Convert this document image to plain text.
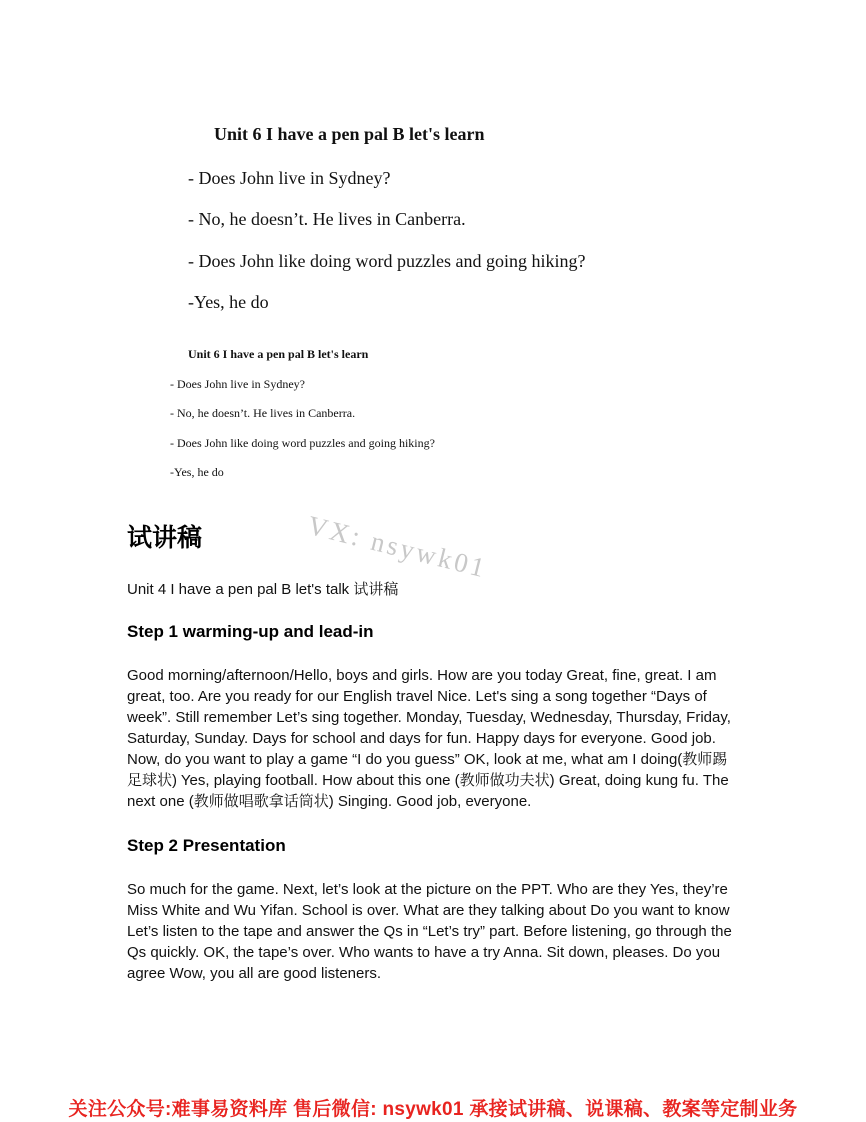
Unit 6 I have a pen pal B let's learn
- Does John live in Sydney?
- No, he doesn’t. He lives in Canberra.
- Does John like doing word puzzles and going hiking?
-Yes, he do
Unit 6 I have a pen pal B let's learn
- Does John live in Sydney?
- No, he doesn’t. He lives in Canberra.
- Does John like doing word puzzles and going hiking?
-Yes, he do
VX: nsywk01
试讲稿
Unit 4 I have a pen pal B let's talk 试讲稿
Step 1 warming-up and lead-in

Good morning/afternoon/Hello, boys and girls. How are you today Great, fine, great. I am great, too. Are you ready for our English travel Nice. Let's sing a song together “Days of week”. Still remember Let’s sing together. Monday, Tuesday, Wednesday, Thursday, Friday, Saturday, Sunday. Days for school and days for fun. Happy days for everyone. Good job. Now, do you want to play a game “I do you guess” OK, look at me, what am I doing(教师踢足球状) Yes, playing football. How about this one (教师做功夫状) Great, doing kung fu. The next one (教师做唱歌拿话筒状) Singing. Good job, everyone.

Step 2 Presentation

So much for the game. Next, let’s look at the picture on the PPT. Who are they Yes, they’re Miss White and Wu Yifan. School is over. What are they talking about Do you want to know Let’s listen to the tape and answer the Qs in “Let’s try” part. Before listening, go through the Qs quickly. OK, the tape’s over. Who wants to have a try Anna. Sit down, pleases. Do you agree Wow, you all are good listeners.

关注公众号:难事易资料库 售后微信: nsywk01 承接试讲稿、说课稿、教案等定制业务
